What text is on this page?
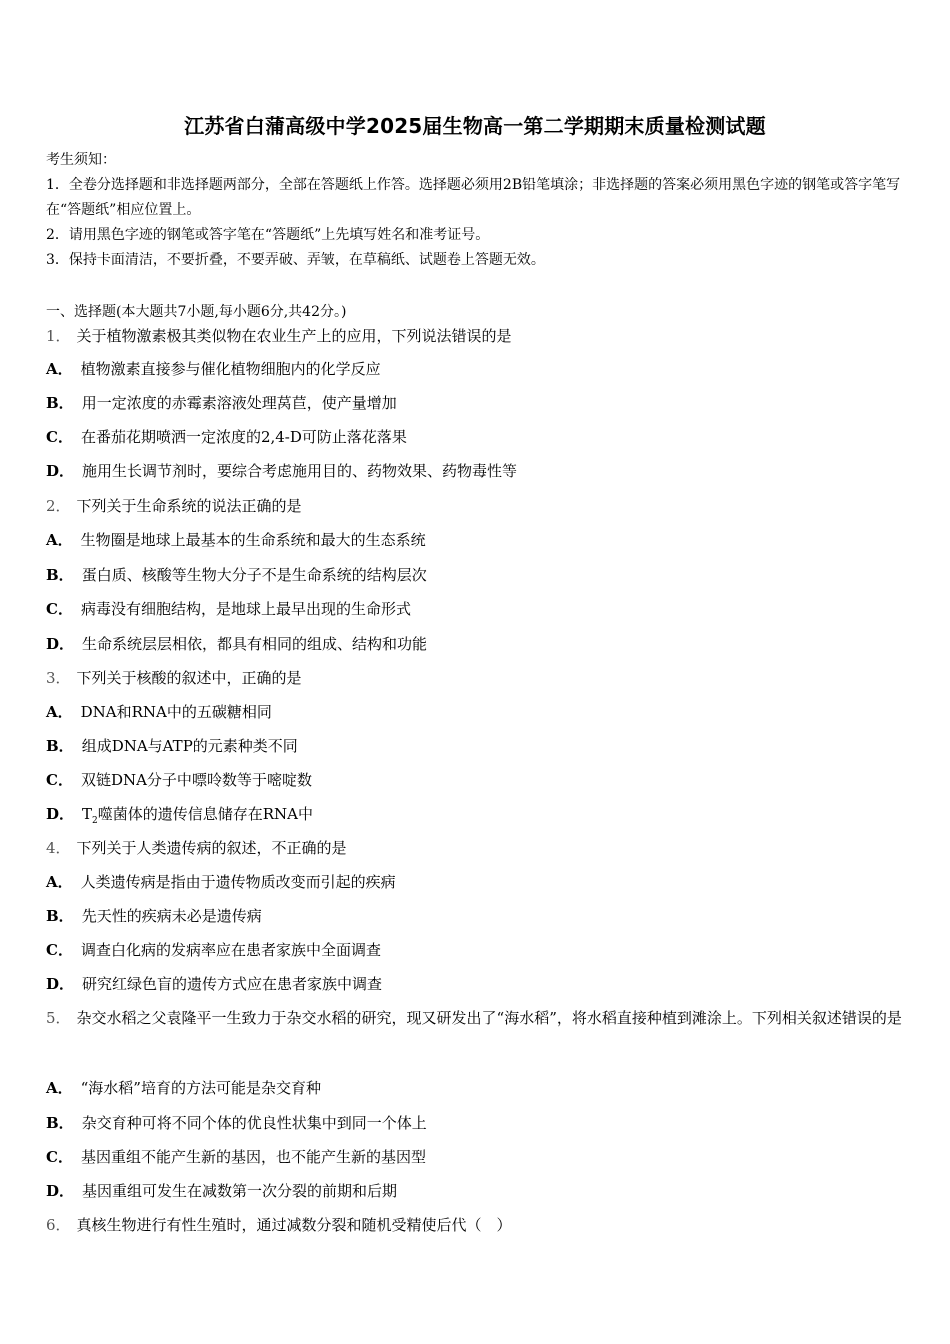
江苏省白蒲高级中学2025届生物高一第二学期期末质量检测试题

考生须知：

1．全卷分选择题和非选择题两部分，全部在答题纸上作答。选择题必须用2B铅笔填涂；非选择题的答案必须用黑色字迹的钢笔或答字笔写在“答题纸”相应位置上。

2．请用黑色字迹的钢笔或答字笔在“答题纸”上先填写姓名和准考证号。

3．保持卡面清洁，不要折叠，不要弄破、弄皱，在草稿纸、试题卷上答题无效。

一、选择题(本大题共7小题,每小题6分,共42分。)
1． 关于植物激素极其类似物在农业生产上的应用，下列说法错误的是
A． 植物激素直接参与催化植物细胞内的化学反应
B． 用一定浓度的赤霉素溶液处理莴苣，使产量增加
C． 在番茄花期喷洒一定浓度的2,4-D可防止落花落果
D． 施用生长调节剂时，要综合考虑施用目的、药物效果、药物毒性等
2． 下列关于生命系统的说法正确的是
A． 生物圈是地球上最基本的生命系统和最大的生态系统
B． 蛋白质、核酸等生物大分子不是生命系统的结构层次
C． 病毒没有细胞结构，是地球上最早出现的生命形式
D． 生命系统层层相依，都具有相同的组成、结构和功能
3． 下列关于核酸的叙述中，正确的是
A． DNA和RNA中的五碳糖相同
B． 组成DNA与ATP的元素种类不同
C． 双链DNA分子中嘌呤数等于嘧啶数
D． $T_2$噬菌体的遗传信息储存在RNA中
4． 下列关于人类遗传病的叙述，不正确的是
A． 人类遗传病是指由于遗传物质改变而引起的疾病
B． 先天性的疾病未必是遗传病
C． 调查白化病的发病率应在患者家族中全面调查
D． 研究红绿色盲的遗传方式应在患者家族中调查
5． 杂交水稻之父袁隆平一生致力于杂交水稻的研究，现又研发出了“海水稻”，将水稻直接种植到滩涂上。下列相关叙述错误的是
A． “海水稻”培育的方法可能是杂交育种
B． 杂交育种可将不同个体的优良性状集中到同一个体上
C． 基因重组不能产生新的基因，也不能产生新的基因型
D． 基因重组可发生在减数第一次分裂的前期和后期
6． 真核生物进行有性生殖时，通过减数分裂和随机受精使后代（　）
